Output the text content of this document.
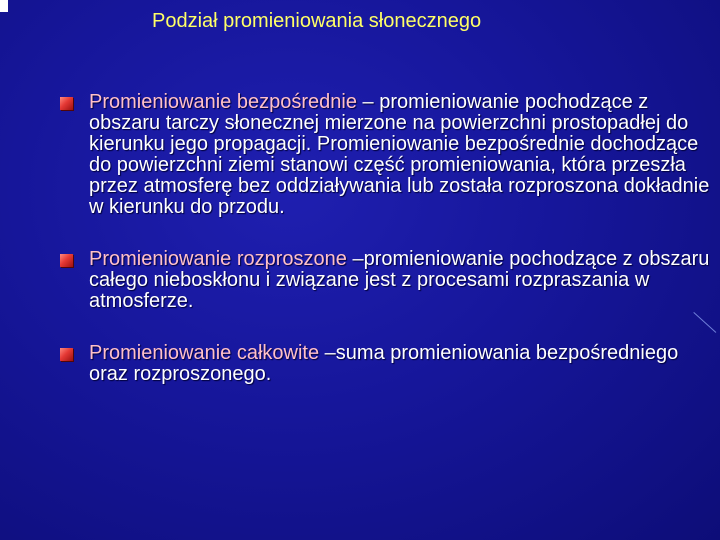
Podział promieniowania słonecznego
Promieniowanie bezpośrednie – promieniowanie pochodzące z obszaru tarczy słonecznej mierzone na powierzchni prostopadłej do kierunku jego propagacji. Promieniowanie bezpośrednie dochodzące do powierzchni ziemi stanowi część promieniowania, która przeszła przez atmosferę bez oddziaływania lub została rozproszona dokładnie w kierunku do przodu.
Promieniowanie rozproszone –promieniowanie pochodzące z obszaru całego nieboskłonu i związane jest z procesami rozpraszania w atmosferze.
Promieniowanie całkowite –suma promieniowania bezpośredniego oraz rozproszonego.
